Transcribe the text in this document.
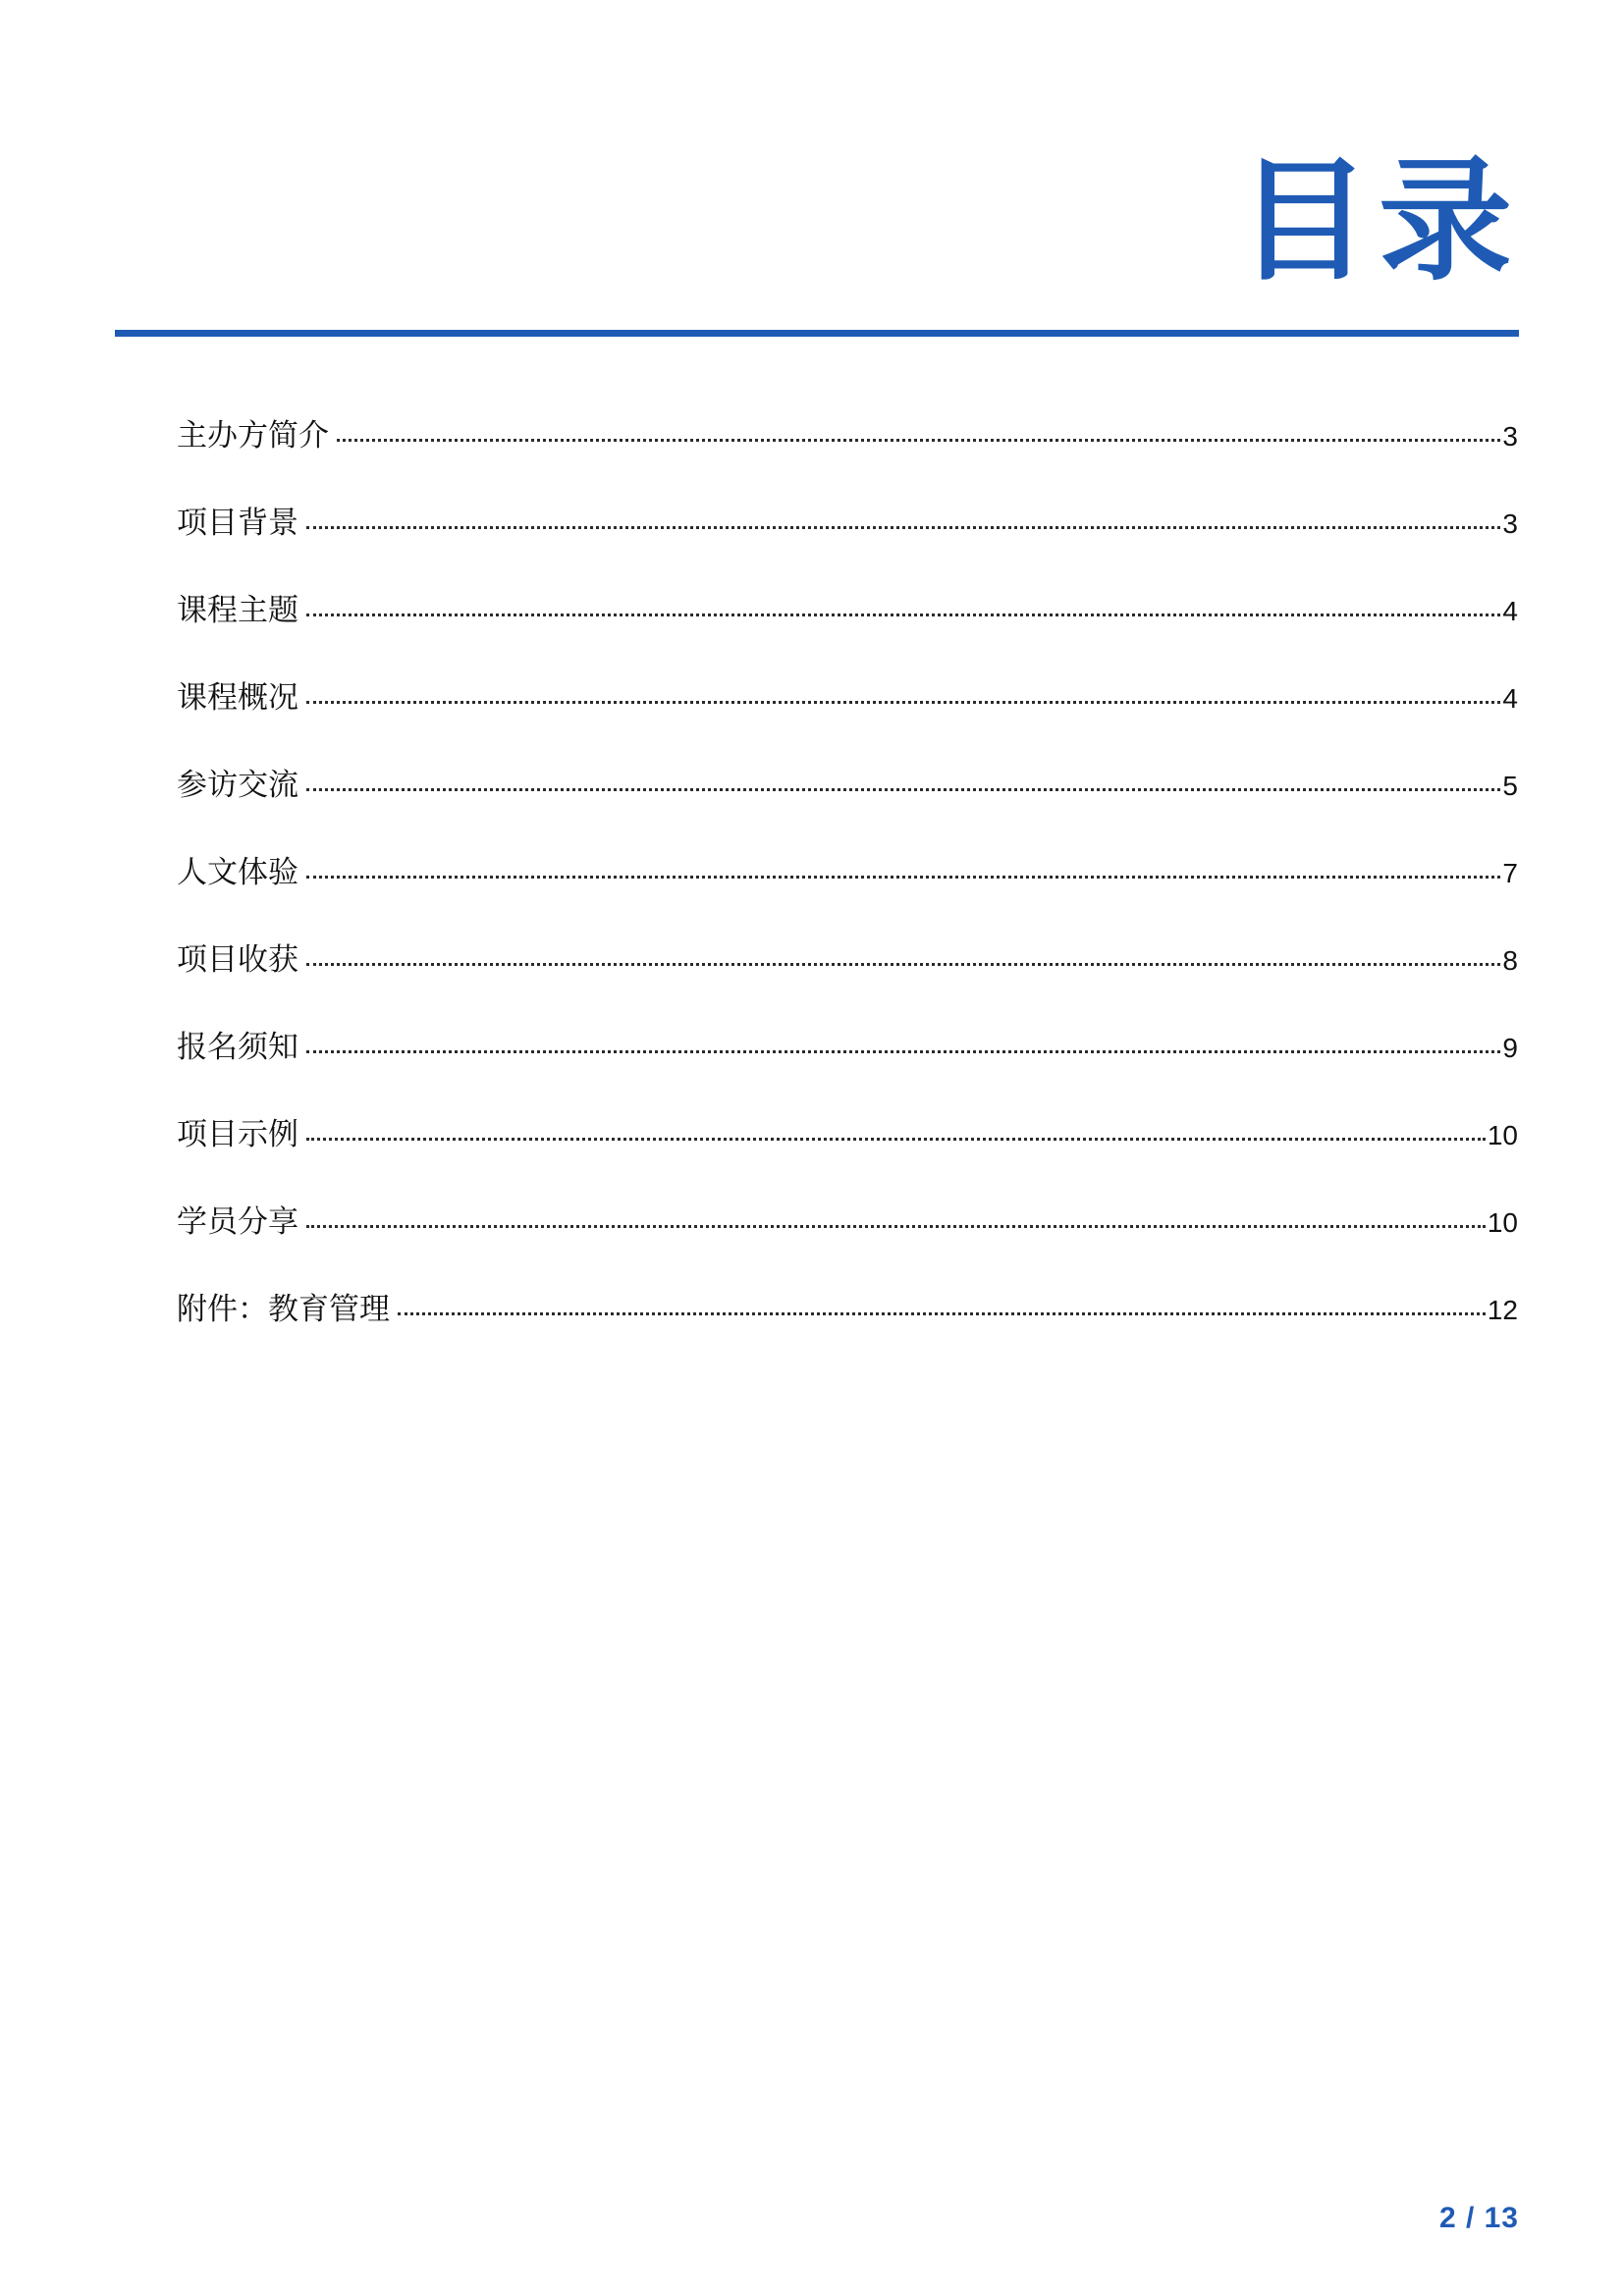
目录
主办方简介	3
项目背景	3
课程主题	4
课程概况	4
参访交流	5
人文体验	7
项目收获	8
报名须知	9
项目示例	10
学员分享	10
附件：教育管理	12
2 / 13
